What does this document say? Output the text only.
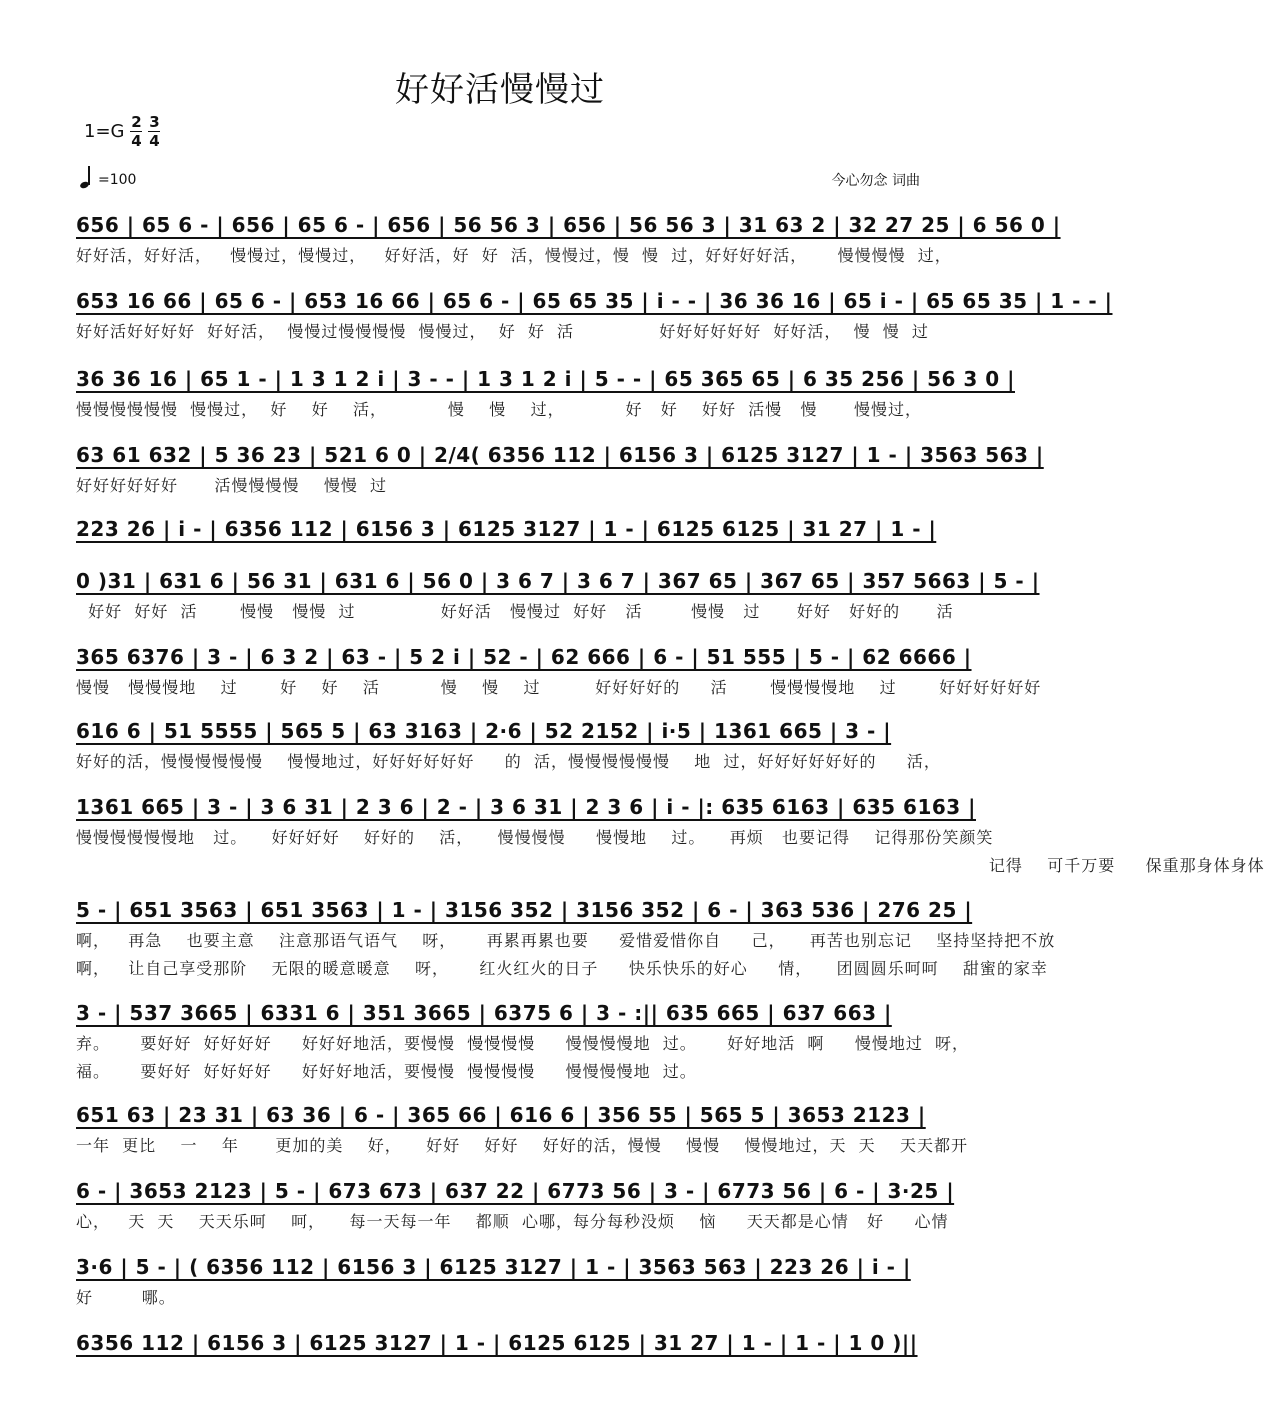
好好活慢慢过
$1=G \frac{2}{4} \frac{3}{4}$
=100	今心勿念 词曲
656 | 65 6 - | 656 | 65 6 - | 656 | 56 56 3 | 656 | 56 56 3 | 31 63 2 | 32 27 25 | 6 56 0 |
好好活，好好活，   慢慢过，慢慢过，   好好活，好  好  活，慢慢过，慢  慢  过，好好好好活，     慢慢慢慢  过，
653 16 66 | 65 6 - | 653 16 66 | 65 6 - | 65 65 35 | i - - | 36 36 16 | 65 i - | 65 65 35 | 1 - - |
好好活好好好好  好好活，  慢慢过慢慢慢慢  慢慢过，  好  好  活              好好好好好好  好好活，  慢  慢  过
36 36 16 | 65 1 - | 1 3 1 2 i | 3 - - | 1 3 1 2 i | 5 - - | 65 365 65 | 6 35 256 | 56 3 0 |
慢慢慢慢慢慢  慢慢过，  好    好    活，          慢    慢    过，          好   好    好好  活慢   慢      慢慢过，
63 61 632 | 5 36 23 | 521 6 0 | 2/4( 6356 112 | 6156 3 | 6125 3127 | 1 - | 3563 563 |
好好好好好好      活慢慢慢慢    慢慢  过
223 26 | i - | 6356 112 | 6156 3 | 6125 3127 | 1 - | 6125 6125 | 31 27 | 1 - |
0 )31 | 631 6 | 56 31 | 631 6 | 56 0 | 3 6 7 | 3 6 7 | 367 65 | 367 65 | 357 5663 | 5 - |
好好  好好  活       慢慢   慢慢  过              好好活   慢慢过  好好   活        慢慢   过      好好   好好的      活
365 6376 | 3 - | 6 3 2 | 63 - | 5 2 i | 52 - | 62 666 | 6 - | 51 555 | 5 - | 62 6666 |
慢慢   慢慢慢地    过       好    好    活          慢    慢    过         好好好好的     活       慢慢慢慢地    过       好好好好好好
616 6 | 51 5555 | 565 5 | 63 3163 | 2·6 | 52 2152 | i·5 | 1361 665 | 3 - |
好好的活，慢慢慢慢慢慢    慢慢地过，好好好好好好     的  活，慢慢慢慢慢慢    地  过，好好好好好好的     活，
1361 665 | 3 - | 3 6 31 | 2 3 6 | 2 - | 3 6 31 | 2 3 6 | i - |: 635 6163 | 635 6163 |
慢慢慢慢慢慢地   过。    好好好好    好好的    活，    慢慢慢慢     慢慢地    过。    再烦   也要记得    记得那份笑颜笑
记得    可千万要     保重那身体身体
5 - | 651 3563 | 651 3563 | 1 - | 3156 352 | 3156 352 | 6 - | 363 536 | 276 25 |
啊，   再急    也要主意    注意那语气语气    呀，     再累再累也要     爱惜爱惜你自     己，    再苦也别忘记    坚持坚持把不放
啊，   让自己享受那阶    无限的暖意暖意    呀，     红火红火的日子     快乐快乐的好心     情，    团圆圆乐呵呵    甜蜜的家幸
3 - | 537 3665 | 6331 6 | 351 3665 | 6375 6 | 3 - :|| 635 665 | 637 663 |
弃。     要好好  好好好好     好好好地活，要慢慢  慢慢慢慢     慢慢慢慢地  过。     好好地活  啊     慢慢地过  呀，
福。     要好好  好好好好     好好好地活，要慢慢  慢慢慢慢     慢慢慢慢地  过。
651 63 | 23 31 | 63 36 | 6 - | 365 66 | 616 6 | 356 55 | 565 5 | 3653 2123 |
一年  更比    一    年      更加的美    好，    好好    好好    好好的活，慢慢    慢慢    慢慢地过，天  天    天天都开
6 - | 3653 2123 | 5 - | 673 673 | 637 22 | 6773 56 | 3 - | 6773 56 | 6 - | 3·25 |
心，   天  天    天天乐呵    呵，    每一天每一年    都顺  心哪，每分每秒没烦    恼     天天都是心情   好     心情
3·6 | 5 - | ( 6356 112 | 6156 3 | 6125 3127 | 1 - | 3563 563 | 223 26 | i - |
好        哪。
6356 112 | 6156 3 | 6125 3127 | 1 - | 6125 6125 | 31 27 | 1 - | 1 - | 1 0 )||
